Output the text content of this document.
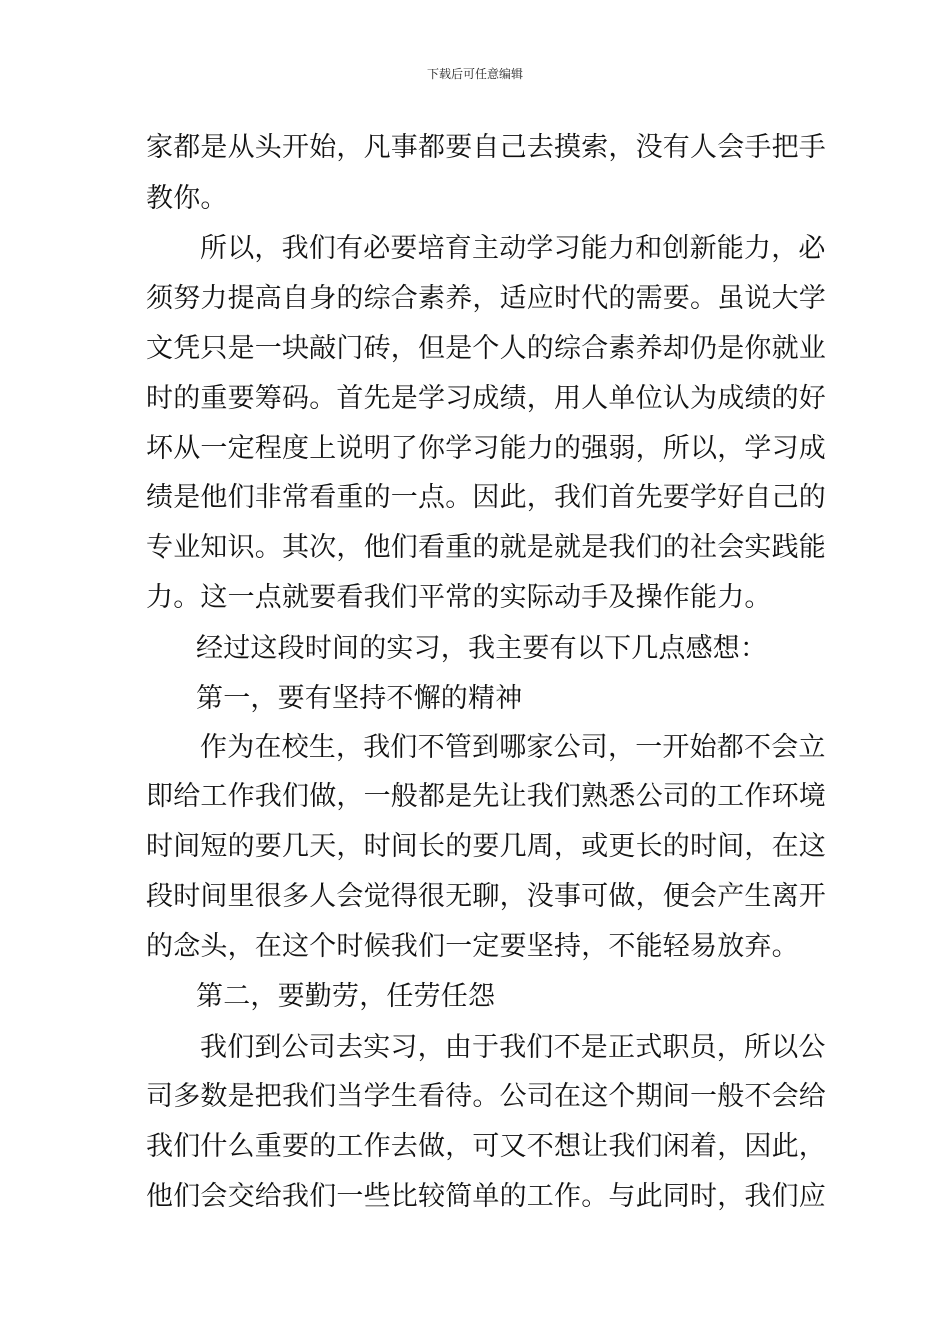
下载后可任意编辑
家都是从头开始，凡事都要自己去摸索，没有人会手把手
教你。
所以，我们有必要培育主动学习能力和创新能力，必
须努力提高自身的综合素养，适应时代的需要。虽说大学
文凭只是一块敲门砖，但是个人的综合素养却仍是你就业
时的重要筹码。首先是学习成绩，用人单位认为成绩的好
坏从一定程度上说明了你学习能力的强弱，所以，学习成
绩是他们非常看重的一点。因此，我们首先要学好自己的
专业知识。其次，他们看重的就是就是我们的社会实践能
力。这一点就要看我们平常的实际动手及操作能力。
经过这段时间的实习，我主要有以下几点感想：
第一，要有坚持不懈的精神
作为在校生，我们不管到哪家公司，一开始都不会立
即给工作我们做，一般都是先让我们熟悉公司的工作环境
时间短的要几天，时间长的要几周，或更长的时间，在这
段时间里很多人会觉得很无聊，没事可做，便会产生离开
的念头，在这个时候我们一定要坚持，不能轻易放弃。
第二，要勤劳，任劳任怨
我们到公司去实习，由于我们不是正式职员，所以公
司多数是把我们当学生看待。公司在这个期间一般不会给
我们什么重要的工作去做，可又不想让我们闲着，因此，
他们会交给我们一些比较简单的工作。与此同时，我们应
